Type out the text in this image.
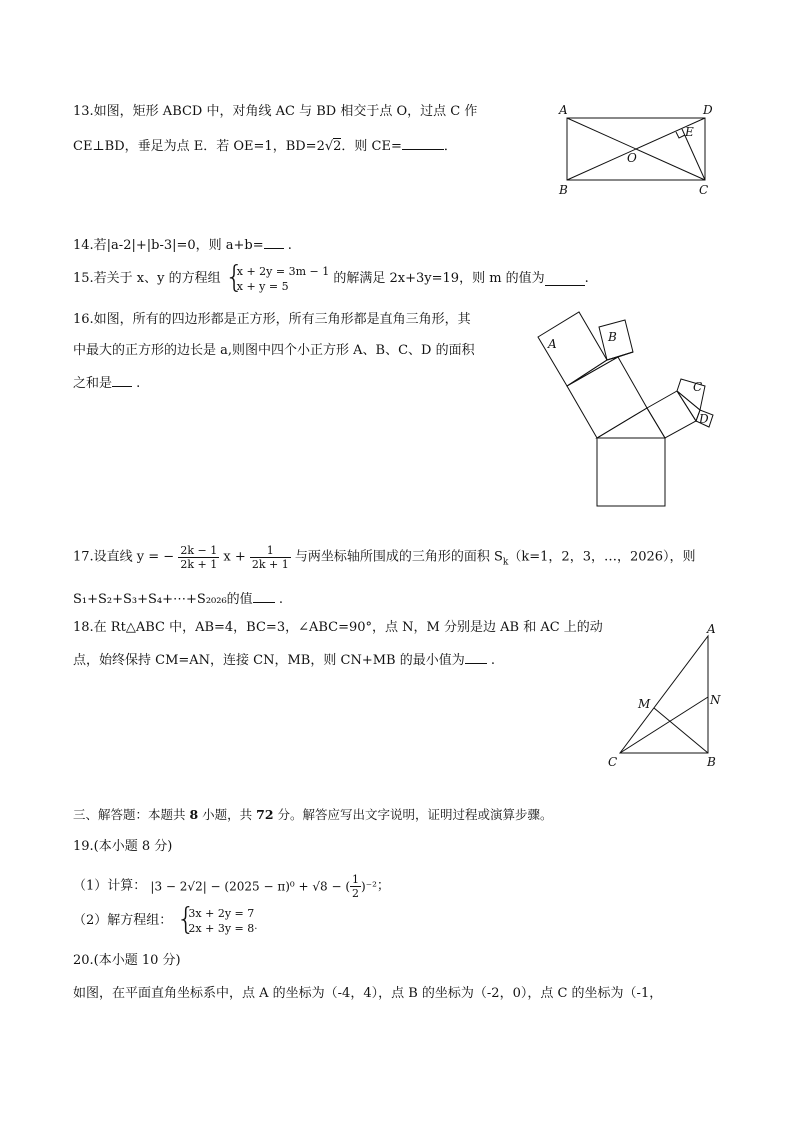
13.如图，矩形 ABCD 中，对角线 AC 与 BD 相交于点 O，过点 C 作
CE⊥BD，垂足为点 E．若 OE=1，BD=2√2．则 CE=	．
A	D
B	C
O
E
14.若|a-2|+|b-3|=0，则 a+b= .
15.若关于 x、y 的方程组 { x + 2y = 3m − 1
x + y = 5
的解满足 2x+3y=19，则 m 的值为	.
16.如图，所有的四边形都是正方形，所有三角形都是直角三角形，其
中最大的正方形的边长是 a,则图中四个小正方形 A、B、C、D 的面积
之和是 .
A	B
C
D
17.设直线 y = − $\frac{2k - 1}{2k + 1}$ $x + \frac{1}{2k + 1}$ 与两坐标轴所围成的三角形的面积 $S_k(k=1$，2，3，…，2026），则
S₁+S₂+S₃+S₄+⋯+S₂₀₂₆的值 .
18.在 Rt△ABC 中，AB=4，BC=3，∠ABC=90°，点 N，M 分别是边 AB 和 AC 上的动
点，始终保持 CM=AN，连接 CN，MB，则 CN+MB 的最小值为 .
A
B
C
M	N
三、解答题：本题共 8 小题，共 72 分。解答应写出文字说明，证明过程或演算步骤。
19.(本小题 8 分)
（1）计算： |3 − 2√2| − (2025 − π)⁰ + √8 − ( $\frac{1}{2} )^{-2}$；
（2）解方程组： { 3x + 2y = 7
2x + 3y = 8 .
20.(本小题 10 分)
如图，在平面直角坐标系中，点 A 的坐标为（-4，4），点 B 的坐标为（-2，0），点 C 的坐标为（-1，
